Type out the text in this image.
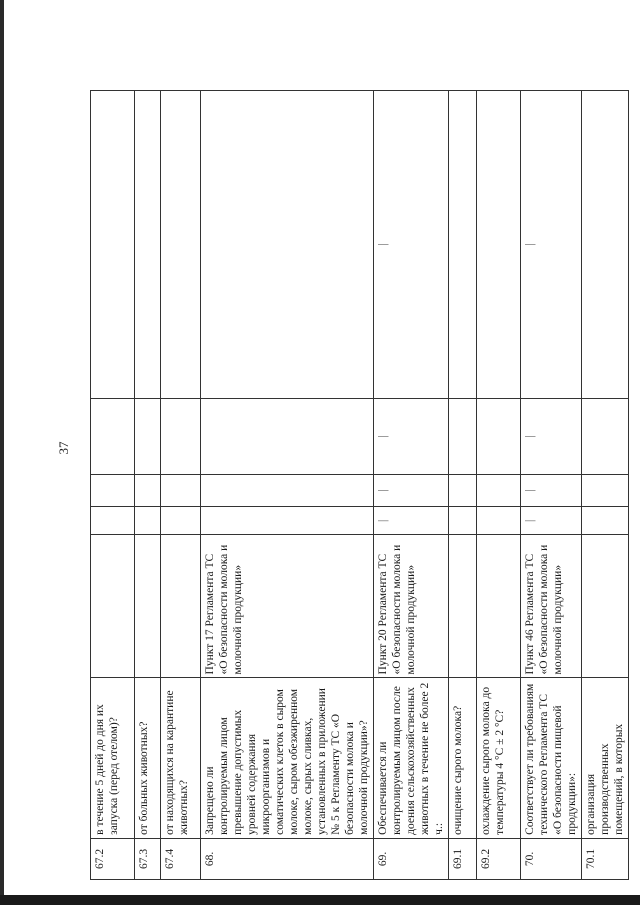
37
67.2	в течение 5 дней до дня их запуска (перед отелом)?					
67.3	от больных животных?					
67.4	от находящихся на карантине животных?					
68.	Запрещено ли контролируемым лицом превышение допустимых уровней содержания микроорганизмов и соматических клеток в сыром молоке, сыром обезжиренном молоке, сырых сливках, установленных в приложении № 5 к Регламенту ТС «О безопасности молока и молочной продукции»?	Пункт 17 Регламента ТС «О безопасности молока и молочной продукции»				
69.	Обеспечивается ли контролируемым лицом после доения сельскохозяйственных животных в течение не более 2 ч.:	Пункт 20 Регламента ТС «О безопасности молока и молочной продукции»	|	|	|	|
69.1	очищение сырого молока?					
69.2	охлаждение сырого молока до температуры 4 °С ± 2 °С?					
70.	Соответствует ли требованиям технического Регламента ТС «О безопасности пищевой продукции»:	Пункт 46 Регламента ТС «О безопасности молока и молочной продукции»	|	|	|	|
70.1	организация производственных помещений, в которых					
